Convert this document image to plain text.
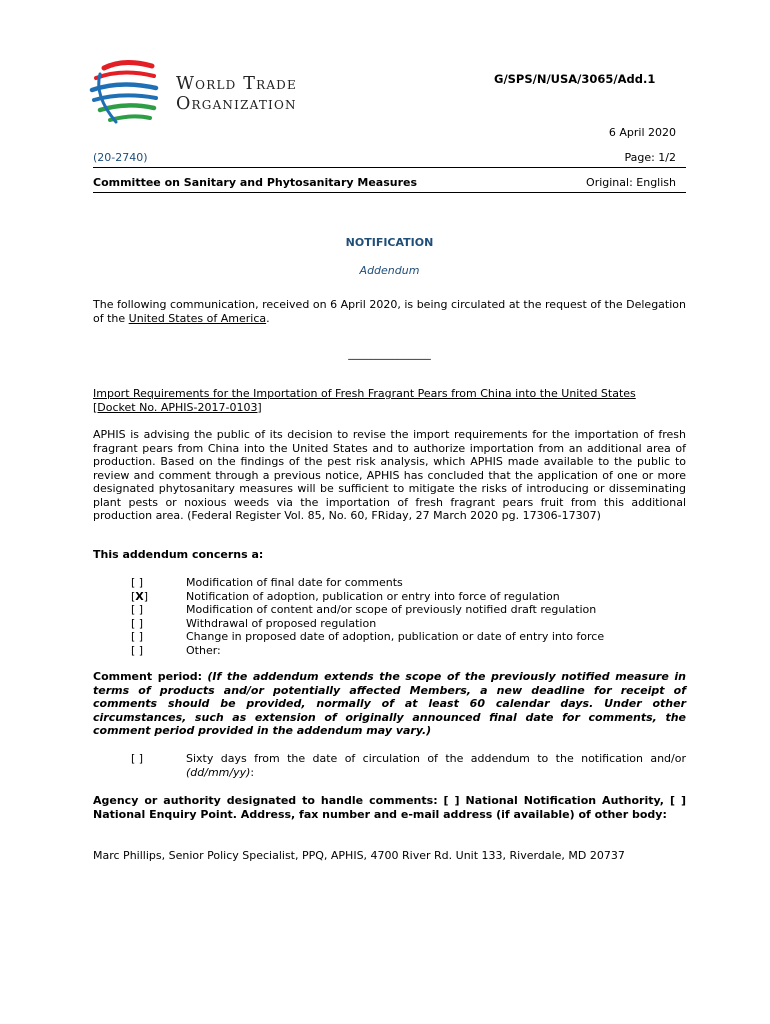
World Trade
Organization
G/SPS/N/USA/3065/Add.1
6 April 2020
(20-2740)	Page: 1/2
Committee on Sanitary and Phytosanitary Measures	Original: English
NOTIFICATION
Addendum
The following communication, received on 6 April 2020, is being circulated at the request of the Delegation of the United States of America.
_______________
Import Requirements for the Importation of Fresh Fragrant Pears from China into the United States
[Docket No. APHIS-2017-0103]
APHIS is advising the public of its decision to revise the import requirements for the importation of fresh fragrant pears from China into the United States and to authorize importation from an additional area of production. Based on the findings of the pest risk analysis, which APHIS made available to the public to review and comment through a previous notice, APHIS has concluded that the application of one or more designated phytosanitary measures will be sufficient to mitigate the risks of introducing or disseminating plant pests or noxious weeds via the importation of fresh fragrant pears fruit from this additional production area. (Federal Register Vol. 85, No. 60, FRiday, 27 March 2020 pg. 17306-17307)
This addendum concerns a:
[ ]	Modification of final date for comments
[X]	Notification of adoption, publication or entry into force of regulation
[ ]	Modification of content and/or scope of previously notified draft regulation
[ ]	Withdrawal of proposed regulation
[ ]	Change in proposed date of adoption, publication or date of entry into force
[ ]	Other:
Comment period: (If the addendum extends the scope of the previously notified measure in terms of products and/or potentially affected Members, a new deadline for receipt of comments should be provided, normally of at least 60 calendar days. Under other circumstances, such as extension of originally announced final date for comments, the comment period provided in the addendum may vary.)
[ ]	Sixty days from the date of circulation of the addendum to the notification and/or (dd/mm/yy):
Agency or authority designated to handle comments: [ ] National Notification Authority, [ ] National Enquiry Point. Address, fax number and e-mail address (if available) of other body:
Marc Phillips, Senior Policy Specialist, PPQ, APHIS, 4700 River Rd. Unit 133, Riverdale, MD 20737
